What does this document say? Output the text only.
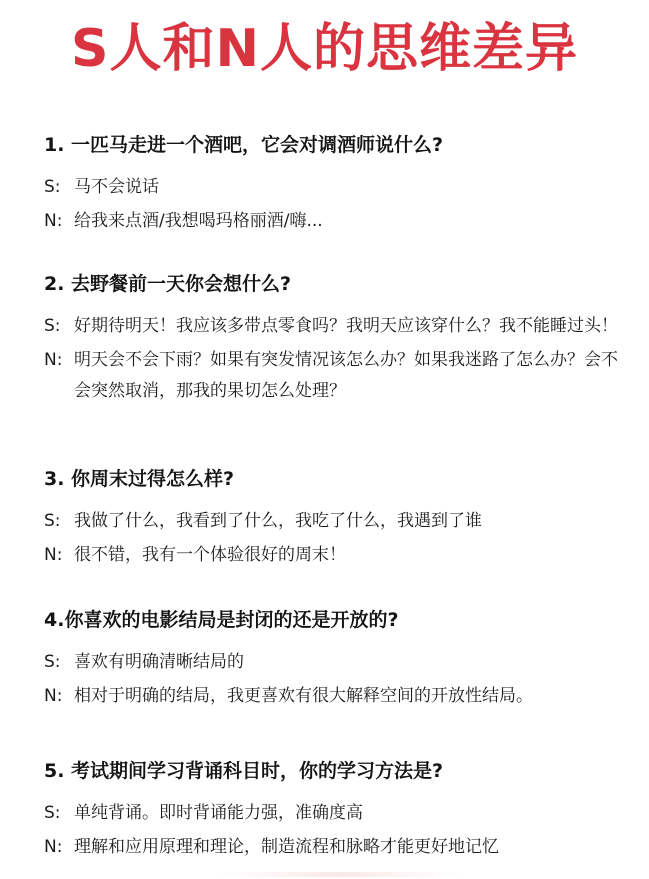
S人和N人的思维差异
1. 一匹马走进一个酒吧，它会对调酒师说什么?
S: 马不会说话
N: 给我来点酒/我想喝玛格丽酒/嗨...
2. 去野餐前一天你会想什么?
S: 好期待明天！我应该多带点零食吗？我明天应该穿什么？我不能睡过头！
N: 明天会不会下雨？如果有突发情况该怎么办？如果我迷路了怎么办？会不会突然取消，那我的果切怎么处理？
3. 你周末过得怎么样?
S: 我做了什么，我看到了什么，我吃了什么，我遇到了谁
N: 很不错，我有一个体验很好的周末！
4.你喜欢的电影结局是封闭的还是开放的?
S: 喜欢有明确清晰结局的
N: 相对于明确的结局，我更喜欢有很大解释空间的开放性结局。
5. 考试期间学习背诵科目时，你的学习方法是?
S: 单纯背诵。即时背诵能力强，准确度高
N: 理解和应用原理和理论，制造流程和脉略才能更好地记忆
